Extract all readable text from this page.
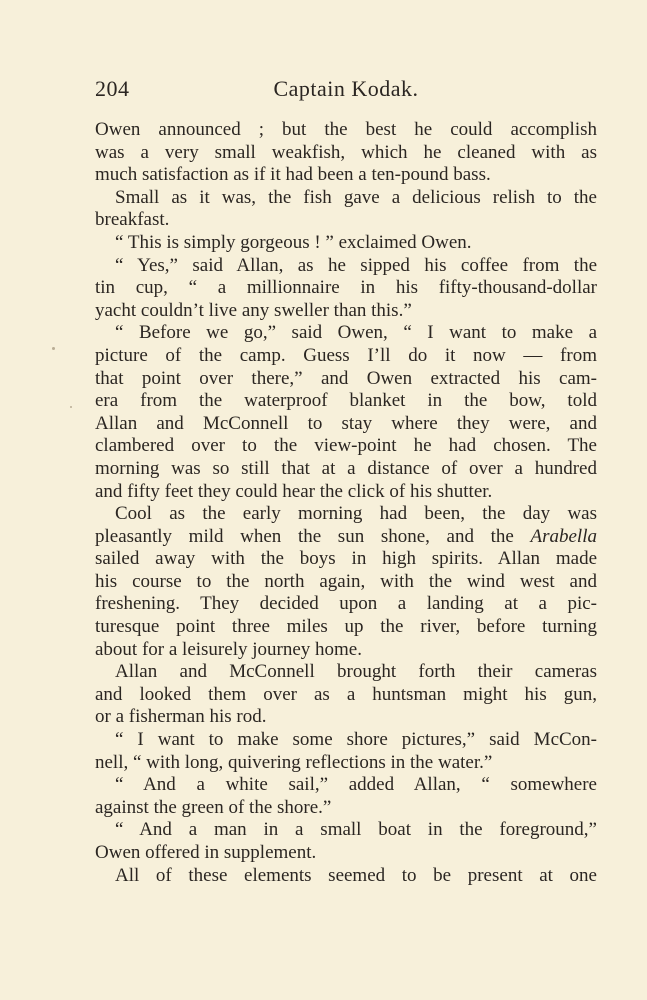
204	Captain Kodak.
Owen announced ; but the best he could accomplish
was a very small weakfish, which he cleaned with as
much satisfaction as if it had been a ten-pound bass.
Small as it was, the fish gave a delicious relish to the
breakfast.
“ This is simply gorgeous ! ” exclaimed Owen.
“ Yes,” said Allan, as he sipped his coffee from the
tin cup, “ a millionnaire in his fifty-thousand-dollar
yacht couldn’t live any sweller than this.”
“ Before we go,” said Owen, “ I want to make a
picture of the camp. Guess I’ll do it now — from
that point over there,” and Owen extracted his cam-
era from the waterproof blanket in the bow, told
Allan and McConnell to stay where they were, and
clambered over to the view-point he had chosen. The
morning was so still that at a distance of over a hundred
and fifty feet they could hear the click of his shutter.
Cool as the early morning had been, the day was
pleasantly mild when the sun shone, and the Arabella
sailed away with the boys in high spirits. Allan made
his course to the north again, with the wind west and
freshening. They decided upon a landing at a pic-
turesque point three miles up the river, before turning
about for a leisurely journey home.
Allan and McConnell brought forth their cameras
and looked them over as a huntsman might his gun,
or a fisherman his rod.
“ I want to make some shore pictures,” said McCon-
nell, “ with long, quivering reflections in the water.”
“ And a white sail,” added Allan, “ somewhere
against the green of the shore.”
“ And a man in a small boat in the foreground,”
Owen offered in supplement.
All of these elements seemed to be present at one
